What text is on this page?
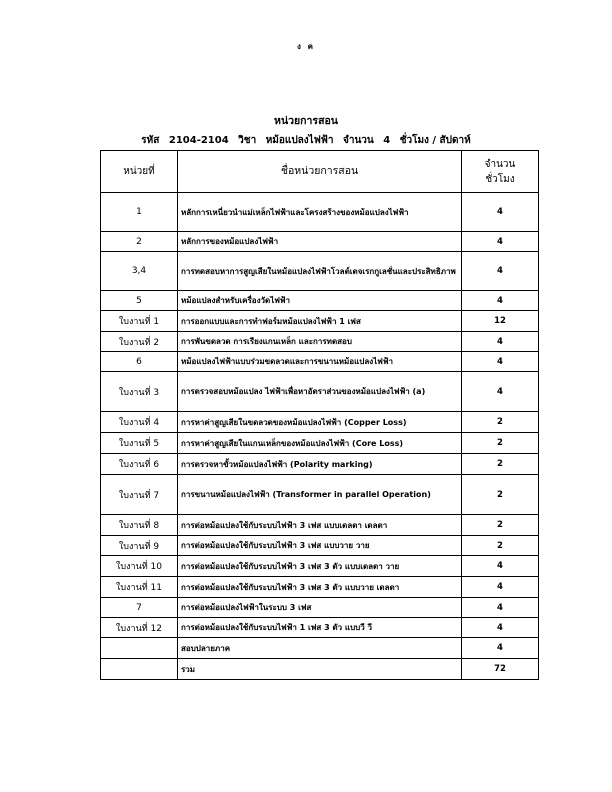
ง ค
หน่วยการสอน
รหัส 2104-2104 วิชา หม้อแปลงไฟฟ้า จำนวน 4 ชั่วโมง / สัปดาห์
หน่วยที่	ชื่อหน่วยการสอน	จำนวน
ชั่วโมง

1	หลักการเหนี่ยวนำแม่เหล็กไฟฟ้าและโครงสร้างของหม้อแปลงไฟฟ้า	4
2	หลักการของหม้อแปลงไฟฟ้า	4
3,4	การทดสอบหาการสูญเสียในหม้อแปลงไฟฟ้าโวลต์เตจเรกกูเลชั่นและประสิทธิภาพ	4
5	หม้อแปลงสำหรับเครื่องวัดไฟฟ้า	4
ใบงานที่ 1	การออกแบบและการทำฟอร์มหม้อแปลงไฟฟ้า 1 เฟส	12
ใบงานที่ 2	การพันขดลวด การเรียงแกนเหล็ก และการทดสอบ	4
6	หม้อแปลงไฟฟ้าแบบร่วมขดลวดและการขนานหม้อแปลงไฟฟ้า	4
ใบงานที่ 3	การตรวจสอบหม้อแปลง ไฟฟ้าเพื่อหาอัตราส่วนของหม้อแปลงไฟฟ้า (a)	4
ใบงานที่ 4	การหาค่าสูญเสียในขดลวดของหม้อแปลงไฟฟ้า (Copper Loss)	2
ใบงานที่ 5	การหาค่าสูญเสียในแกนเหล็กของหม้อแปลงไฟฟ้า (Core Loss)	2
ใบงานที่ 6	การตรวจหาขั้วหม้อแปลงไฟฟ้า (Polarity marking)	2
ใบงานที่ 7	การขนานหม้อแปลงไฟฟ้า (Transformer in parallel Operation)	2
ใบงานที่ 8	การต่อหม้อแปลงใช้กับระบบไฟฟ้า 3 เฟส แบบเดลตา เดลตา	2
ใบงานที่ 9	การต่อหม้อแปลงใช้กับระบบไฟฟ้า 3 เฟส แบบวาย วาย	2
ใบงานที่ 10	การต่อหม้อแปลงใช้กับระบบไฟฟ้า 3 เฟส 3 ตัว แบบเดลตา วาย	4
ใบงานที่ 11	การต่อหม้อแปลงใช้กับระบบไฟฟ้า 3 เฟส 3 ตัว แบบวาย เดลตา	4
7	การต่อหม้อแปลงไฟฟ้าในระบบ 3 เฟส	4
ใบงานที่ 12	การต่อหม้อแปลงใช้กับระบบไฟฟ้า 1 เฟส 3 ตัว แบบวี วี	4
	สอบปลายภาค	4
	รวม	72
